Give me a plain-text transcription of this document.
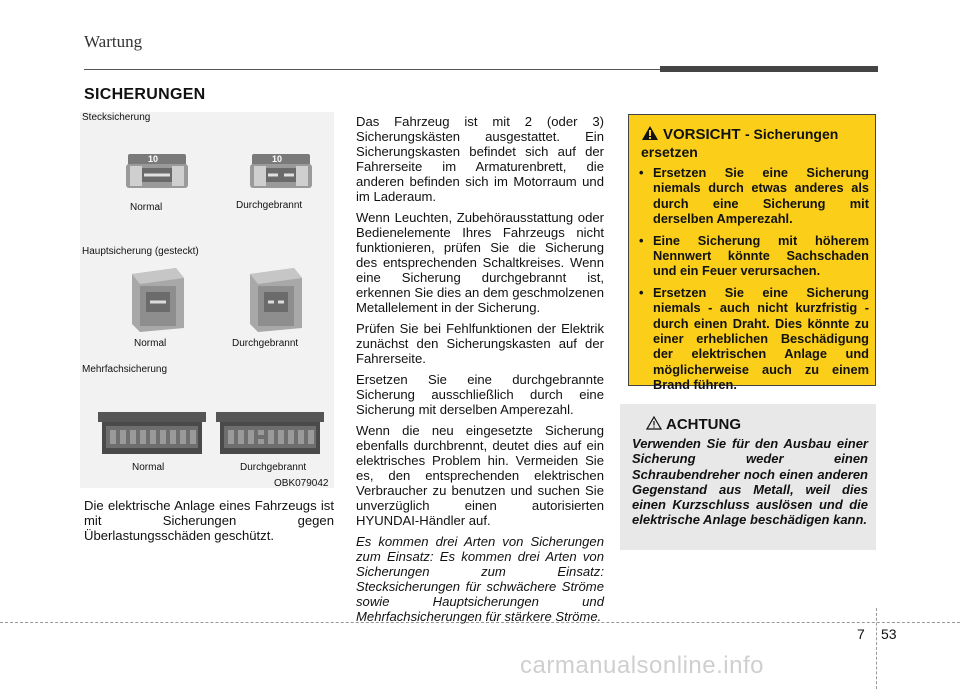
Wartung
SICHERUNGEN
Stecksicherung
10
Normal
10
Durchgebrannt
Hauptsicherung (gesteckt)
Normal	Durchgebrannt
Mehrfachsicherung
Normal	Durchgebrannt
OBK079042

Die elektrische Anlage eines Fahrzeugs ist mit Sicherungen gegen Überlastungsschäden geschützt.

Das Fahrzeug ist mit 2 (oder 3) Sicherungskästen ausgestattet. Ein Sicherungskasten befindet sich auf der Fahrerseite im Armaturenbrett, die anderen befinden sich im Motorraum und im Laderaum.

Wenn Leuchten, Zubehörausstattung oder Bedienelemente Ihres Fahrzeugs nicht funktionieren, prüfen Sie die Sicherung des entsprechenden Schaltkreises. Wenn eine Sicherung durchgebrannt ist, erkennen Sie dies an dem geschmolzenen Metallelement in der Sicherung.

Prüfen Sie bei Fehlfunktionen der Elektrik zunächst den Sicherungskasten auf der Fahrerseite.

Ersetzen Sie eine durchgebrannte Sicherung ausschließlich durch eine Sicherung mit derselben Amperezahl.

Wenn die neu eingesetzte Sicherung ebenfalls durchbrennt, deutet dies auf ein elektrisches Problem hin. Vermeiden Sie es, den entsprechenden elektrischen Verbraucher zu benutzen und suchen Sie unverzüglich einen autorisierten HYUNDAI-Händler auf.

Es kommen drei Arten von Sicherungen zum Einsatz: Es kommen drei Arten von Sicherungen zum Einsatz: Stecksicherungen für schwächere Ströme sowie Hauptsicherungen und Mehrfachsicherungen für stärkere Ströme.

VORSICHT - Sicherungen ersetzen
• Ersetzen Sie eine Sicherung niemals durch etwas anderes als durch eine Sicherung mit derselben Amperezahl.
• Eine Sicherung mit höherem Nennwert könnte Sachschaden und ein Feuer verursachen.
• Ersetzen Sie eine Sicherung niemals - auch nicht kurzfristig - durch einen Draht. Dies könnte zu einer erheblichen Beschädigung der elektrischen Anlage und möglicherweise auch zu einem Brand führen.
ACHTUNG
Verwenden Sie für den Ausbau einer Sicherung weder einen Schraubendreher noch einen anderen Gegenstand aus Metall, weil dies einen Kurzschluss auslösen und die elektrische Anlage beschädigen kann.
7 53
carmanualsonline.info
